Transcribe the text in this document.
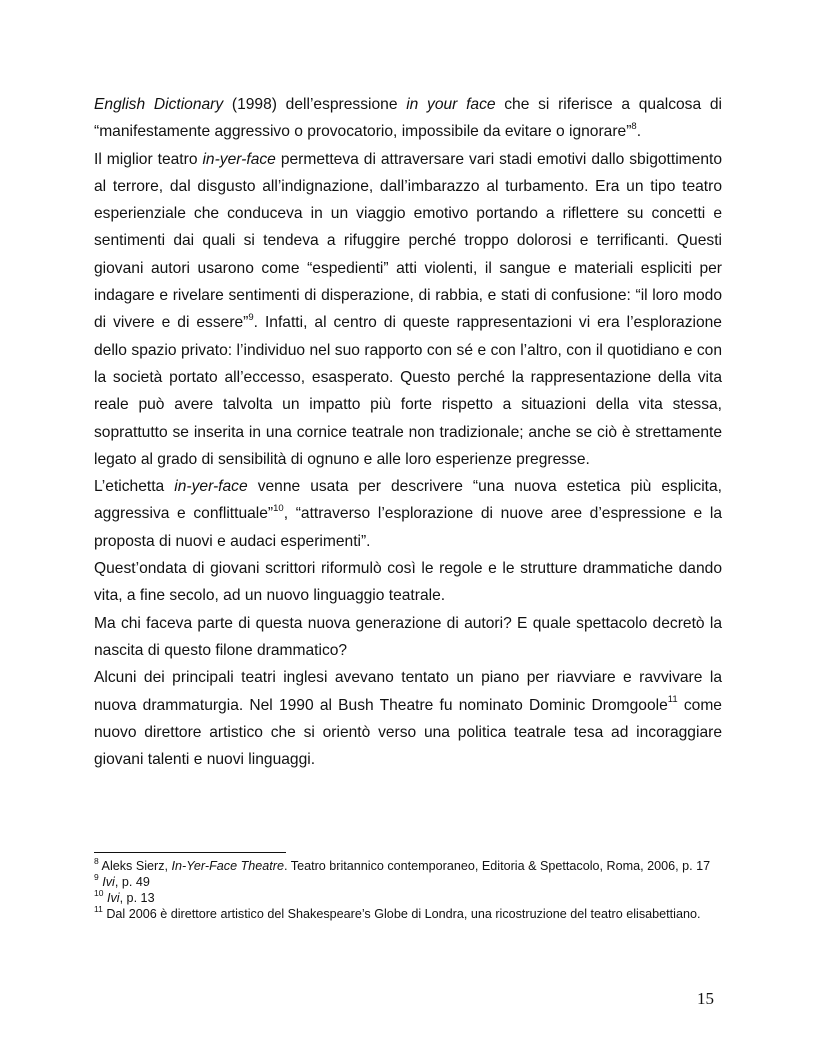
English Dictionary (1998) dell’espressione in your face che si riferisce a qualcosa di “manifestamente aggressivo o provocatorio, impossibile da evitare o ignorare”$^8$.

Il miglior teatro in-yer-face permetteva di attraversare vari stadi emotivi dallo sbigottimento al terrore, dal disgusto all’indignazione, dall’imbarazzo al turbamento. Era un tipo teatro esperienziale che conduceva in un viaggio emotivo portando a riflettere su concetti e sentimenti dai quali si tendeva a rifuggire perché troppo dolorosi e terrificanti. Questi giovani autori usarono come “espedienti” atti violenti, il sangue e materiali espliciti per indagare e rivelare sentimenti di disperazione, di rabbia, e stati di confusione: “il loro modo di vivere e di essere”$^9$. Infatti, al centro di queste rappresentazioni vi era l’esplorazione dello spazio privato: l’individuo nel suo rapporto con sé e con l’altro, con il quotidiano e con la società portato all’eccesso, esasperato. Questo perché la rappresentazione della vita reale può avere talvolta un impatto più forte rispetto a situazioni della vita stessa, soprattutto se inserita in una cornice teatrale non tradizionale; anche se ciò è strettamente legato al grado di sensibilità di ognuno e alle loro esperienze pregresse.

L’etichetta in-yer-face venne usata per descrivere “una nuova estetica più esplicita, aggressiva e conflittuale”$^{10}$, “attraverso l’esplorazione di nuove aree d’espressione e la proposta di nuovi e audaci esperimenti”.

Quest’ondata di giovani scrittori riformulò così le regole e le strutture drammatiche dando vita, a fine secolo, ad un nuovo linguaggio teatrale.

Ma chi faceva parte di questa nuova generazione di autori? E quale spettacolo decretò la nascita di questo filone drammatico?

Alcuni dei principali teatri inglesi avevano tentato un piano per riavviare e ravvivare la nuova drammaturgia. Nel 1990 al Bush Theatre fu nominato Dominic Dromgoole$^{11}$ come nuovo direttore artistico che si orientò verso una politica teatrale tesa ad incoraggiare giovani talenti e nuovi linguaggi.

$^8$ Aleks Sierz, In-Yer-Face Theatre. Teatro britannico contemporaneo, Editoria & Spettacolo, Roma, 2006, p. 17

$^9$ Ivi, p. 49

$^{10}$ Ivi, p. 13

$^{11}$ Dal 2006 è direttore artistico del Shakespeare’s Globe di Londra, una ricostruzione del teatro elisabettiano.

15
